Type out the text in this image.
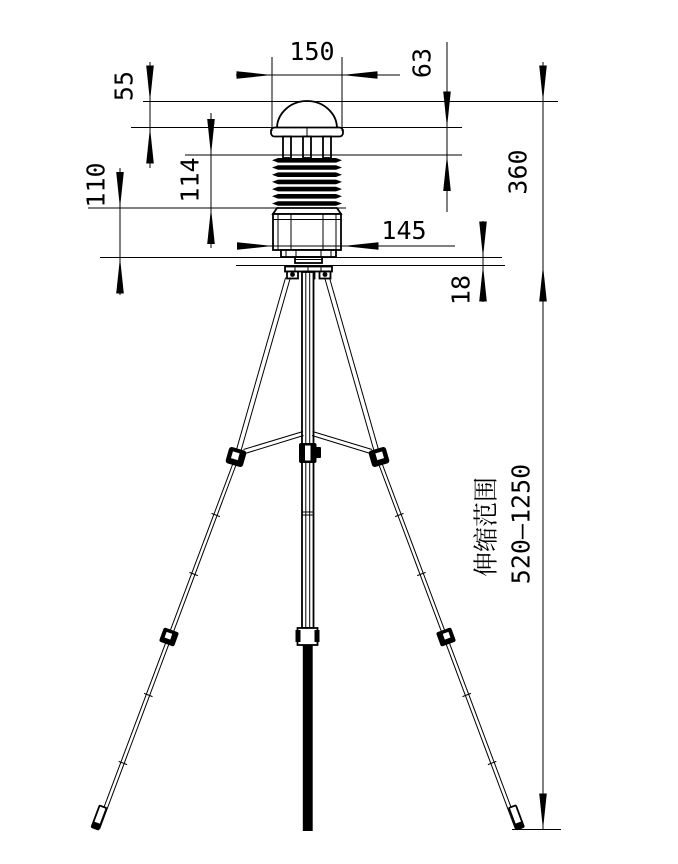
150
145
55
63
114
110	360
18
伸缩范围 520—1250
